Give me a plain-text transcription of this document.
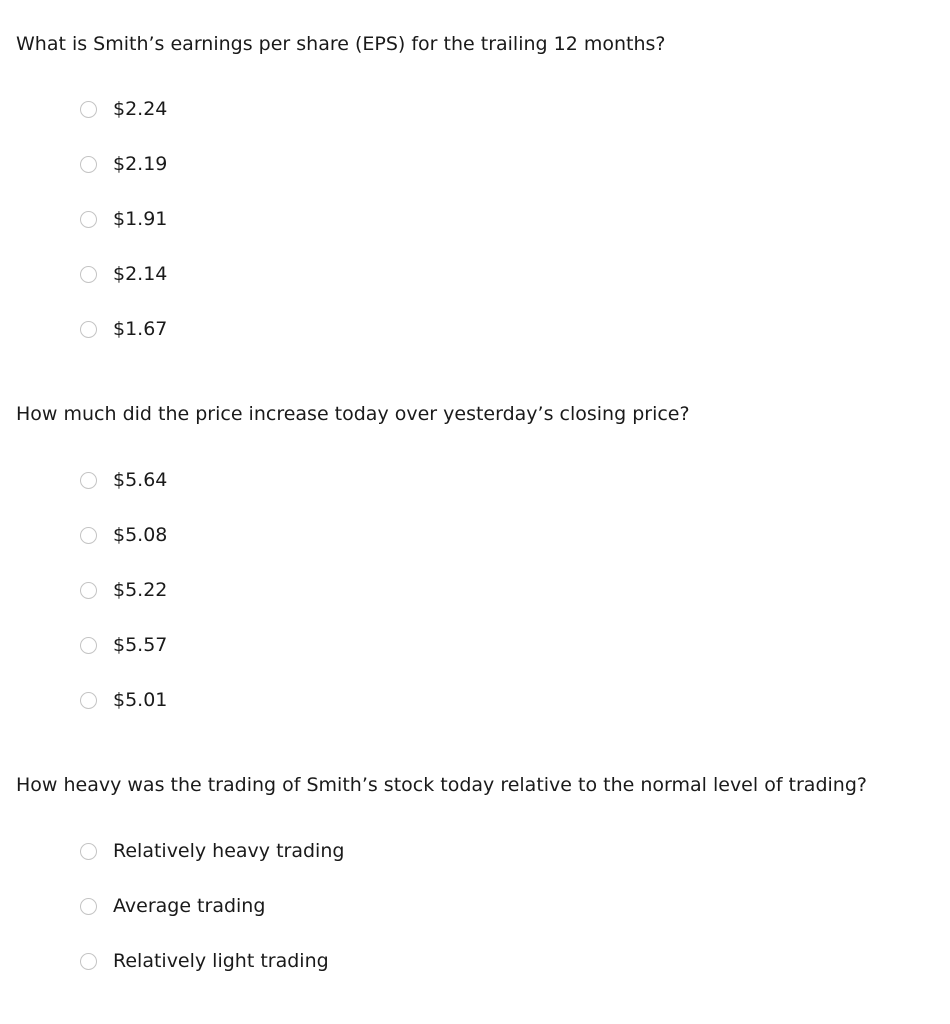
What is Smith’s earnings per share (EPS) for the trailing 12 months?
$2.24
$2.19
$1.91
$2.14
$1.67
How much did the price increase today over yesterday’s closing price?
$5.64
$5.08
$5.22
$5.57
$5.01
How heavy was the trading of Smith’s stock today relative to the normal level of trading?
Relatively heavy trading
Average trading
Relatively light trading
